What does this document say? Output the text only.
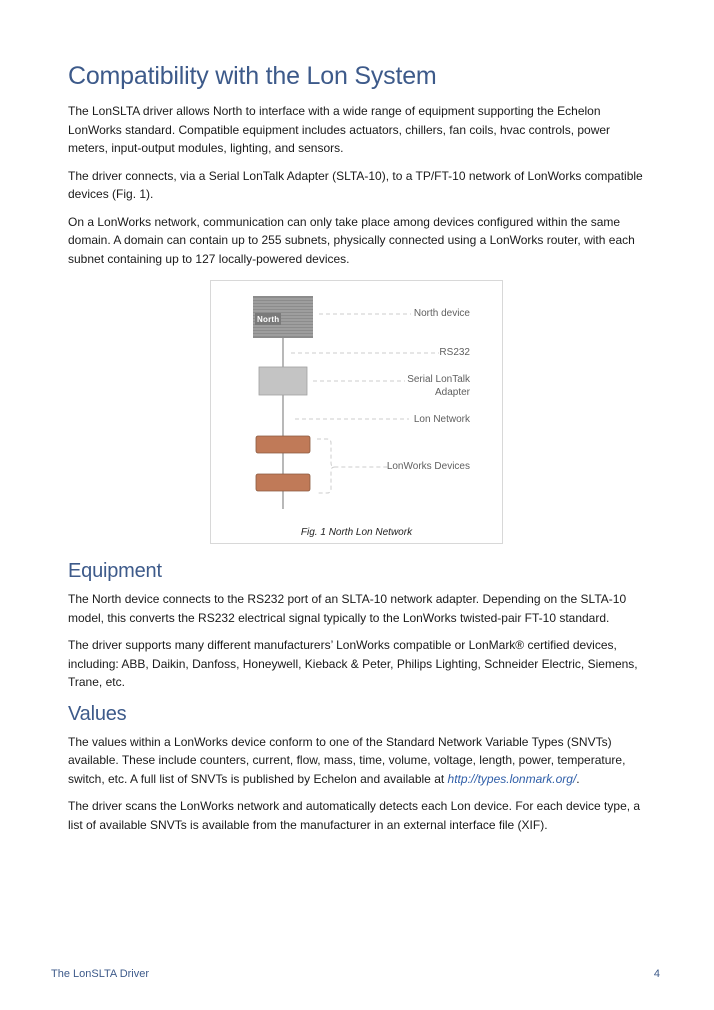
Compatibility with the Lon System

The LonSLTA driver allows North to interface with a wide range of equipment supporting the Echelon LonWorks standard. Compatible equipment includes actuators, chillers, fan coils, hvac controls, power meters, input-output modules, lighting, and sensors.

The driver connects, via a Serial LonTalk Adapter (SLTA-10), to a TP/FT-10 network of LonWorks compatible devices (Fig. 1).

On a LonWorks network, communication can only take place among devices configured within the same domain. A domain can contain up to 255 subnets, physically connected using a LonWorks router, with each subnet containing up to 127 locally-powered devices.

North
North device
RS232
Serial LonTalk
Adapter
Lon Network
LonWorks Devices
Fig. 1 North Lon Network
Equipment

The North device connects to the RS232 port of an SLTA-10 network adapter. Depending on the SLTA-10 model, this converts the RS232 electrical signal typically to the LonWorks twisted-pair FT-10 standard.

The driver supports many different manufacturers’ LonWorks compatible or LonMark® certified devices, including: ABB, Daikin, Danfoss, Honeywell, Kieback & Peter, Philips Lighting, Schneider Electric, Siemens, Trane, etc.

Values

The values within a LonWorks device conform to one of the Standard Network Variable Types (SNVTs) available. These include counters, current, flow, mass, time, volume, voltage, length, power, temperature, switch, etc. A full list of SNVTs is published by Echelon and available at http://types.lonmark.org/.

The driver scans the LonWorks network and automatically detects each Lon device. For each device type, a list of available SNVTs is available from the manufacturer in an external interface file (XIF).

The LonSLTA Driver	4
